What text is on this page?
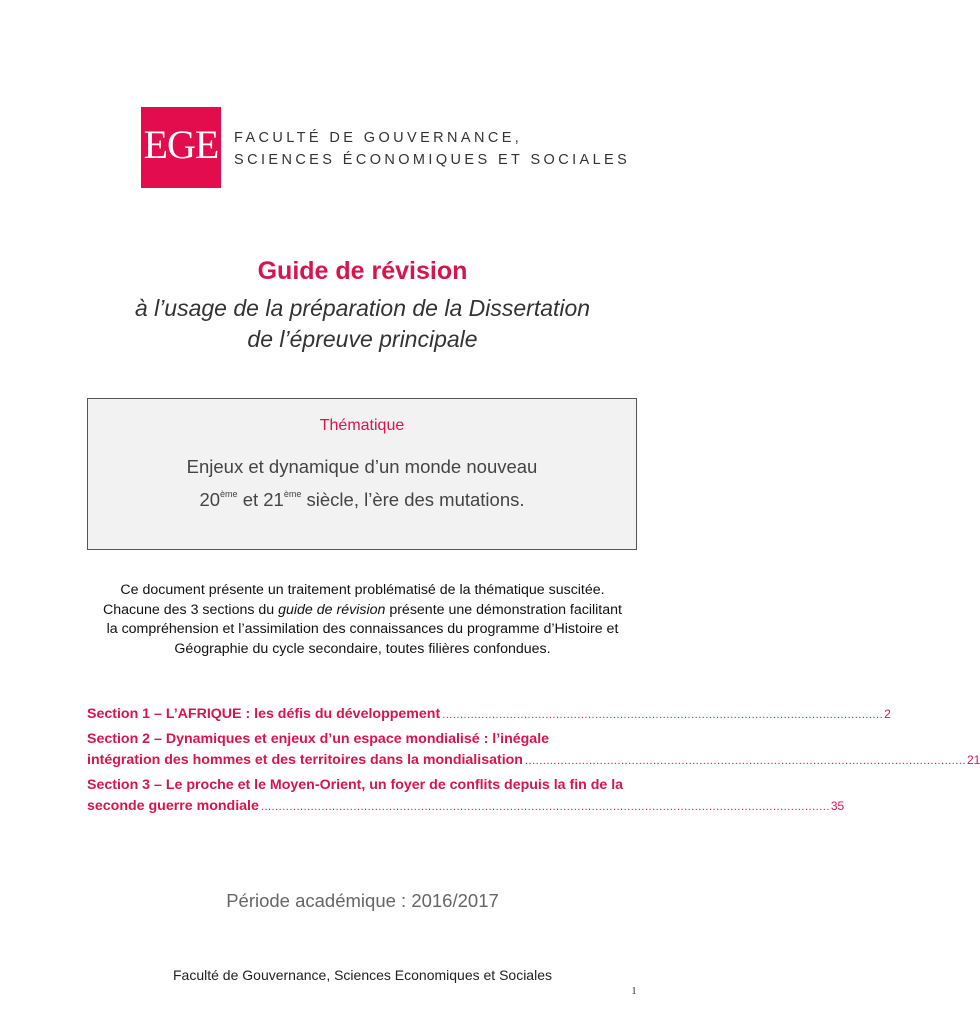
EGE FACULTÉ DE GOUVERNANCE,
SCIENCES ÉCONOMIQUES ET SOCIALES
Guide de révision
à l’usage de la préparation de la Dissertation
de l’épreuve principale
Thématique
Enjeux et dynamique d’un monde nouveau
20ème et 21ème siècle, l’ère des mutations.
Ce document présente un traitement problématisé de la thématique suscitée.
Chacune des 3 sections du guide de révision présente une démonstration facilitant
la compréhension et l’assimilation des connaissances du programme d’Histoire et
Géographie du cycle secondaire, toutes filières confondues.
Section 1 – L’AFRIQUE : les défis du développement ............................................................................................................................ 2
Section 2 – Dynamiques et enjeux d’un espace mondialisé : l’inégale
intégration des hommes et des territoires dans la mondialisation ............................................................................................................................ 21
Section 3 – Le proche et le Moyen-Orient, un foyer de conflits depuis la fin de la
seconde guerre mondiale ................................................................................................................................................................ 35
Période académique : 2016/2017
Faculté de Gouvernance, Sciences Economiques et Sociales
1
